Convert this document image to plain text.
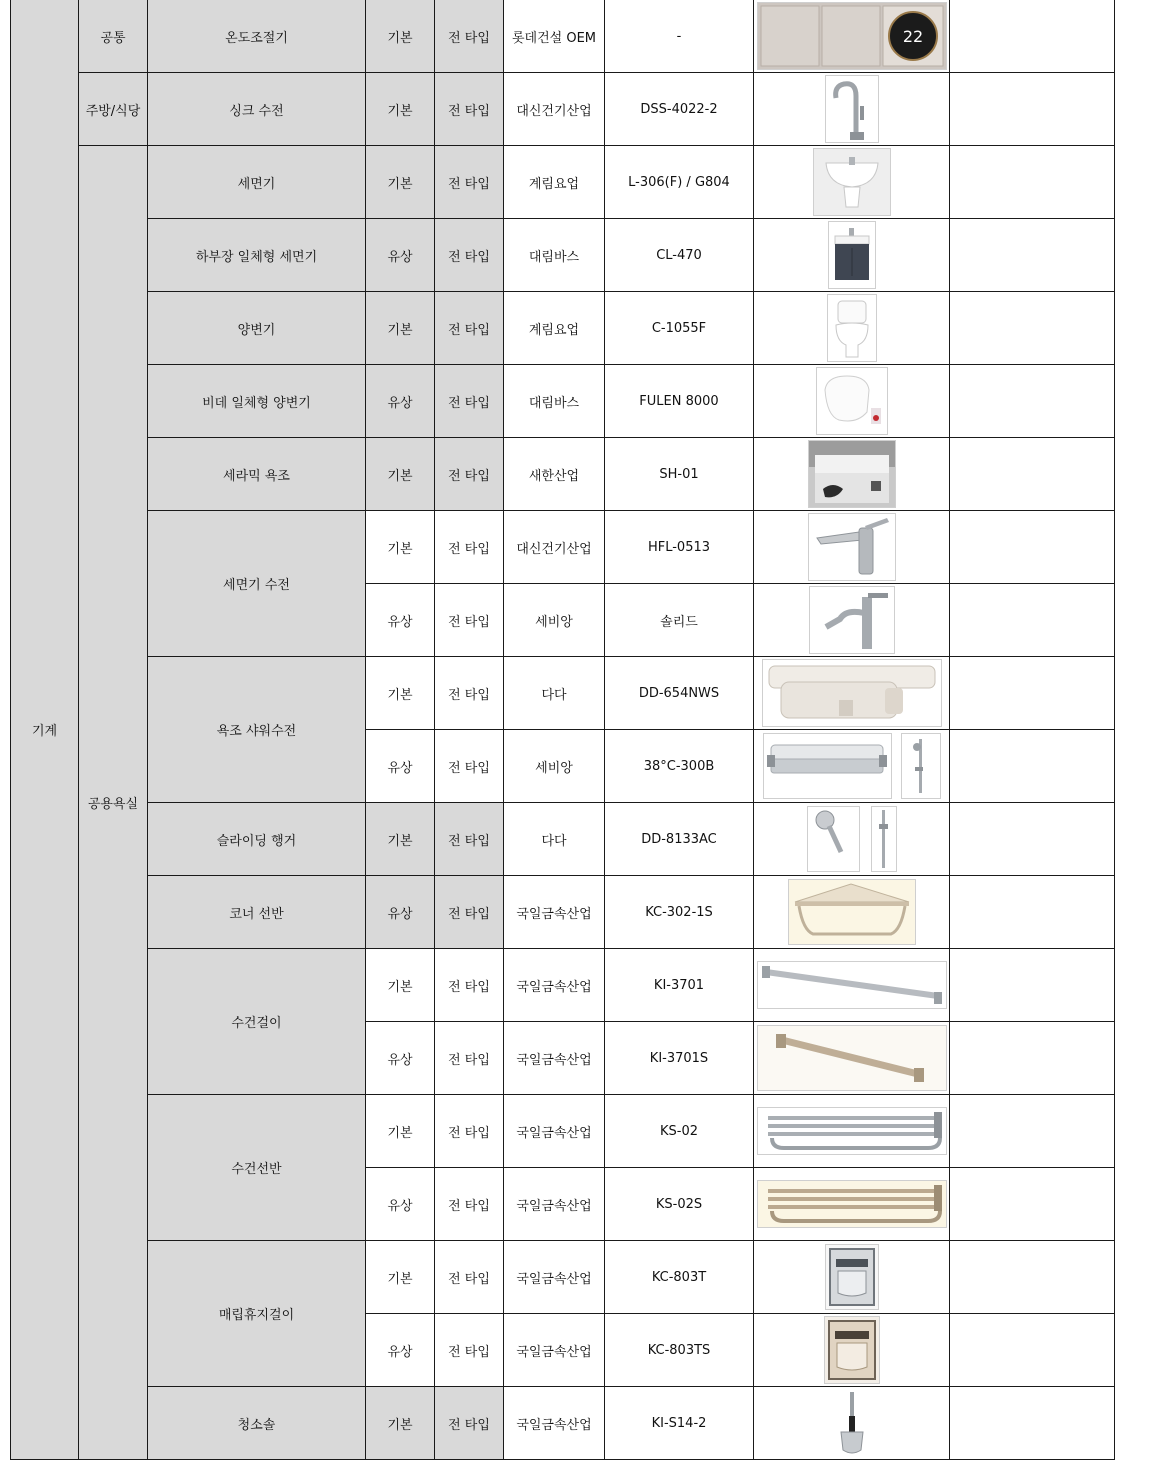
기계	공통	온도조절기	기본	전 타입	롯데건설 OEM	-	22	

	주방/식당	싱크 수전	기본	전 타입	대신건기산업	DSS-4022-2	

	공용욕실	세면기	기본	전 타입	계림요업	L-306(F) / G804	

		하부장 일체형 세면기	유상	전 타입	대림바스	CL-470	

		양변기	기본	전 타입	계림요업	C-1055F	

		비데 일체형 양변기	유상	전 타입	대림바스	FULEN 8000	

		세라믹 욕조	기본	전 타입	새한산업	SH-01	

		세면기 수전	기본	전 타입	대신건기산업	HFL-0513	

			유상	전 타입	세비앙	솔리드	

		욕조 샤워수전	기본	전 타입	다다	DD-654NWS	

			유상	전 타입	세비앙	38°C-300B	

		슬라이딩 행거	기본	전 타입	다다	DD-8133AC	

		코너 선반	유상	전 타입	국일금속산업	KC-302-1S	

		수건걸이	기본	전 타입	국일금속산업	KI-3701	

			유상	전 타입	국일금속산업	KI-3701S	

		수건선반	기본	전 타입	국일금속산업	KS-02	

			유상	전 타입	국일금속산업	KS-02S	

		매립휴지걸이	기본	전 타입	국일금속산업	KC-803T	

			유상	전 타입	국일금속산업	KC-803TS	

		청소솔	기본	전 타입	국일금속산업	KI-S14-2	
